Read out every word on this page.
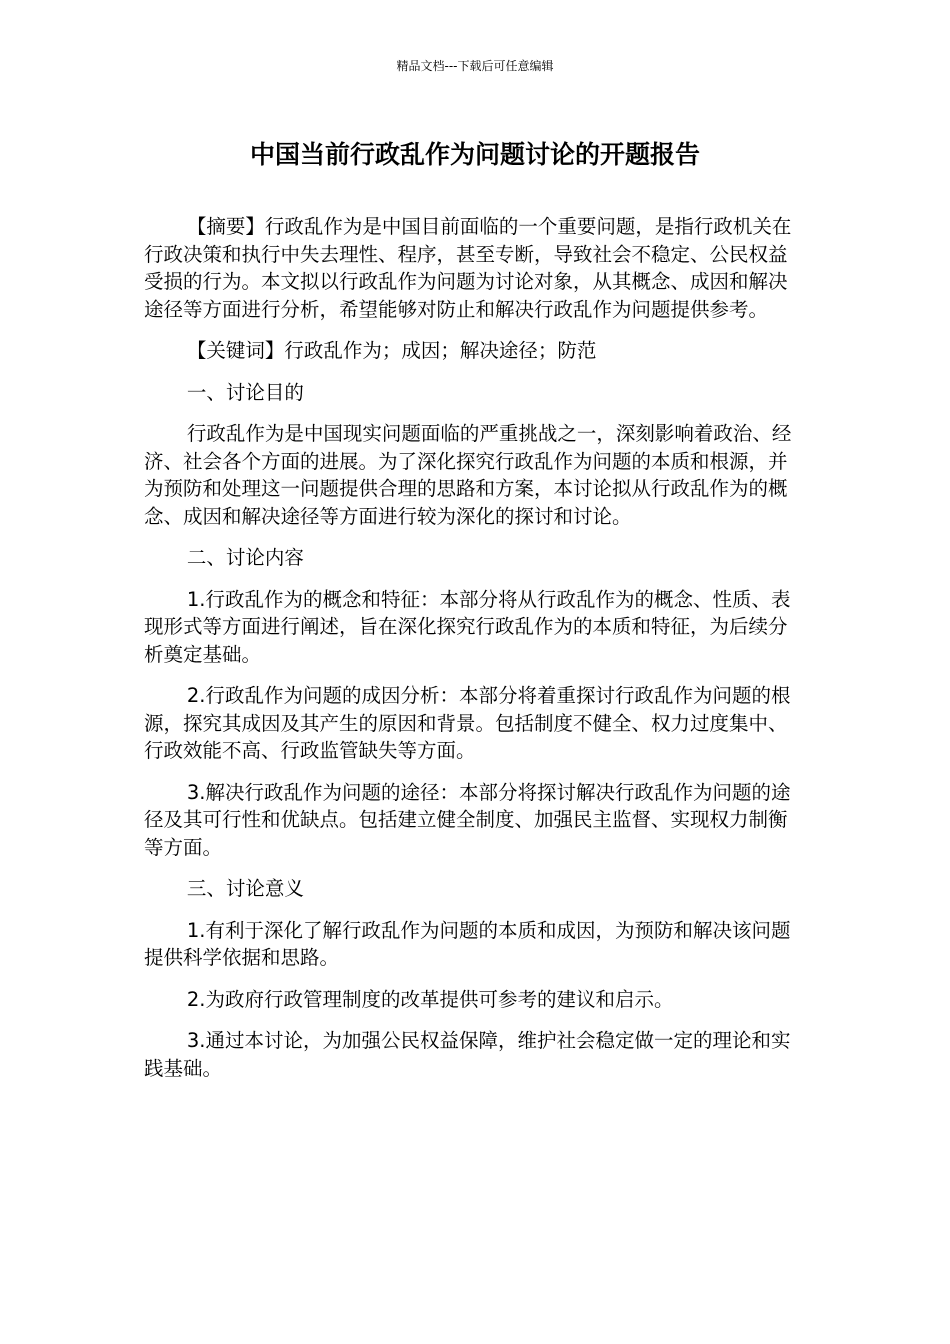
精品文档---下载后可任意编辑
中国当前行政乱作为问题讨论的开题报告

【摘要】行政乱作为是中国目前面临的一个重要问题，是指行政机关在行政决策和执行中失去理性、程序，甚至专断，导致社会不稳定、公民权益受损的行为。本文拟以行政乱作为问题为讨论对象，从其概念、成因和解决途径等方面进行分析，希望能够对防止和解决行政乱作为问题提供参考。

【关键词】行政乱作为；成因；解决途径；防范

一、讨论目的

行政乱作为是中国现实问题面临的严重挑战之一，深刻影响着政治、经济、社会各个方面的进展。为了深化探究行政乱作为问题的本质和根源，并为预防和处理这一问题提供合理的思路和方案，本讨论拟从行政乱作为的概念、成因和解决途径等方面进行较为深化的探讨和讨论。

二、讨论内容

1.行政乱作为的概念和特征：本部分将从行政乱作为的概念、性质、表现形式等方面进行阐述，旨在深化探究行政乱作为的本质和特征，为后续分析奠定基础。

2.行政乱作为问题的成因分析：本部分将着重探讨行政乱作为问题的根源，探究其成因及其产生的原因和背景。包括制度不健全、权力过度集中、行政效能不高、行政监管缺失等方面。

3.解决行政乱作为问题的途径：本部分将探讨解决行政乱作为问题的途径及其可行性和优缺点。包括建立健全制度、加强民主监督、实现权力制衡等方面。

三、讨论意义

1.有利于深化了解行政乱作为问题的本质和成因，为预防和解决该问题提供科学依据和思路。

2.为政府行政管理制度的改革提供可参考的建议和启示。

3.通过本讨论，为加强公民权益保障，维护社会稳定做一定的理论和实践基础。
